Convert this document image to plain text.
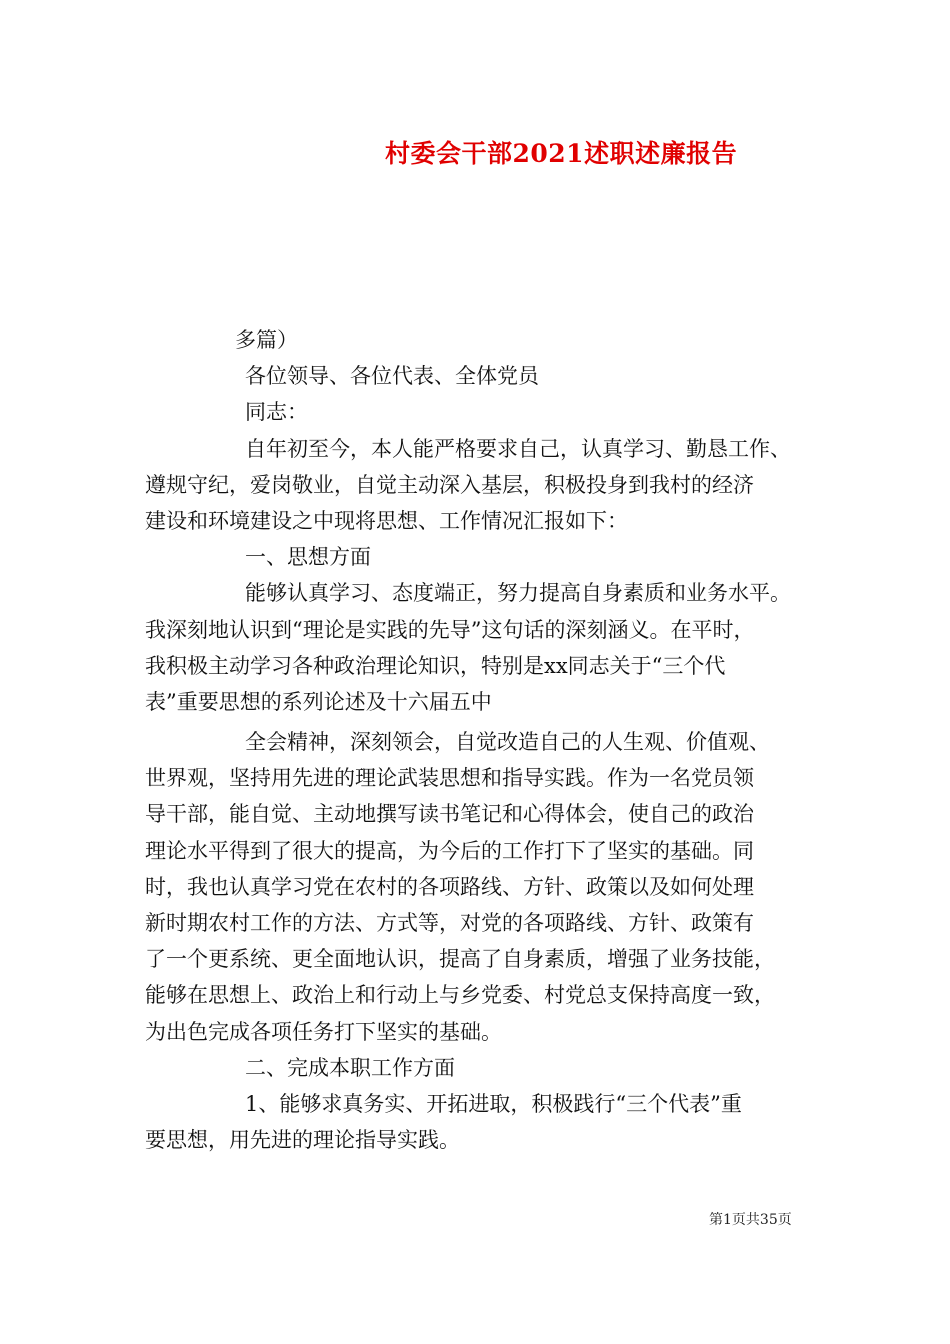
村委会干部2021述职述廉报告
多篇）
各位领导、各位代表、全体党员
同志：
自年初至今，本人能严格要求自己，认真学习、勤恳工作、
遵规守纪，爱岗敬业，自觉主动深入基层，积极投身到我村的经济
建设和环境建设之中现将思想、工作情况汇报如下：
一、思想方面
能够认真学习、态度端正，努力提高自身素质和业务水平。
我深刻地认识到“理论是实践的先导”这句话的深刻涵义。在平时，
我积极主动学习各种政治理论知识，特别是xx同志关于“三个代
表”重要思想的系列论述及十六届五中
全会精神，深刻领会，自觉改造自己的人生观、价值观、
世界观，坚持用先进的理论武装思想和指导实践。作为一名党员领
导干部，能自觉、主动地撰写读书笔记和心得体会，使自己的政治
理论水平得到了很大的提高，为今后的工作打下了坚实的基础。同
时，我也认真学习党在农村的各项路线、方针、政策以及如何处理
新时期农村工作的方法、方式等，对党的各项路线、方针、政策有
了一个更系统、更全面地认识，提高了自身素质，增强了业务技能，
能够在思想上、政治上和行动上与乡党委、村党总支保持高度一致，
为出色完成各项任务打下坚实的基础。
二、完成本职工作方面
1、能够求真务实、开拓进取，积极践行“三个代表”重
要思想，用先进的理论指导实践。
第1页共35页
